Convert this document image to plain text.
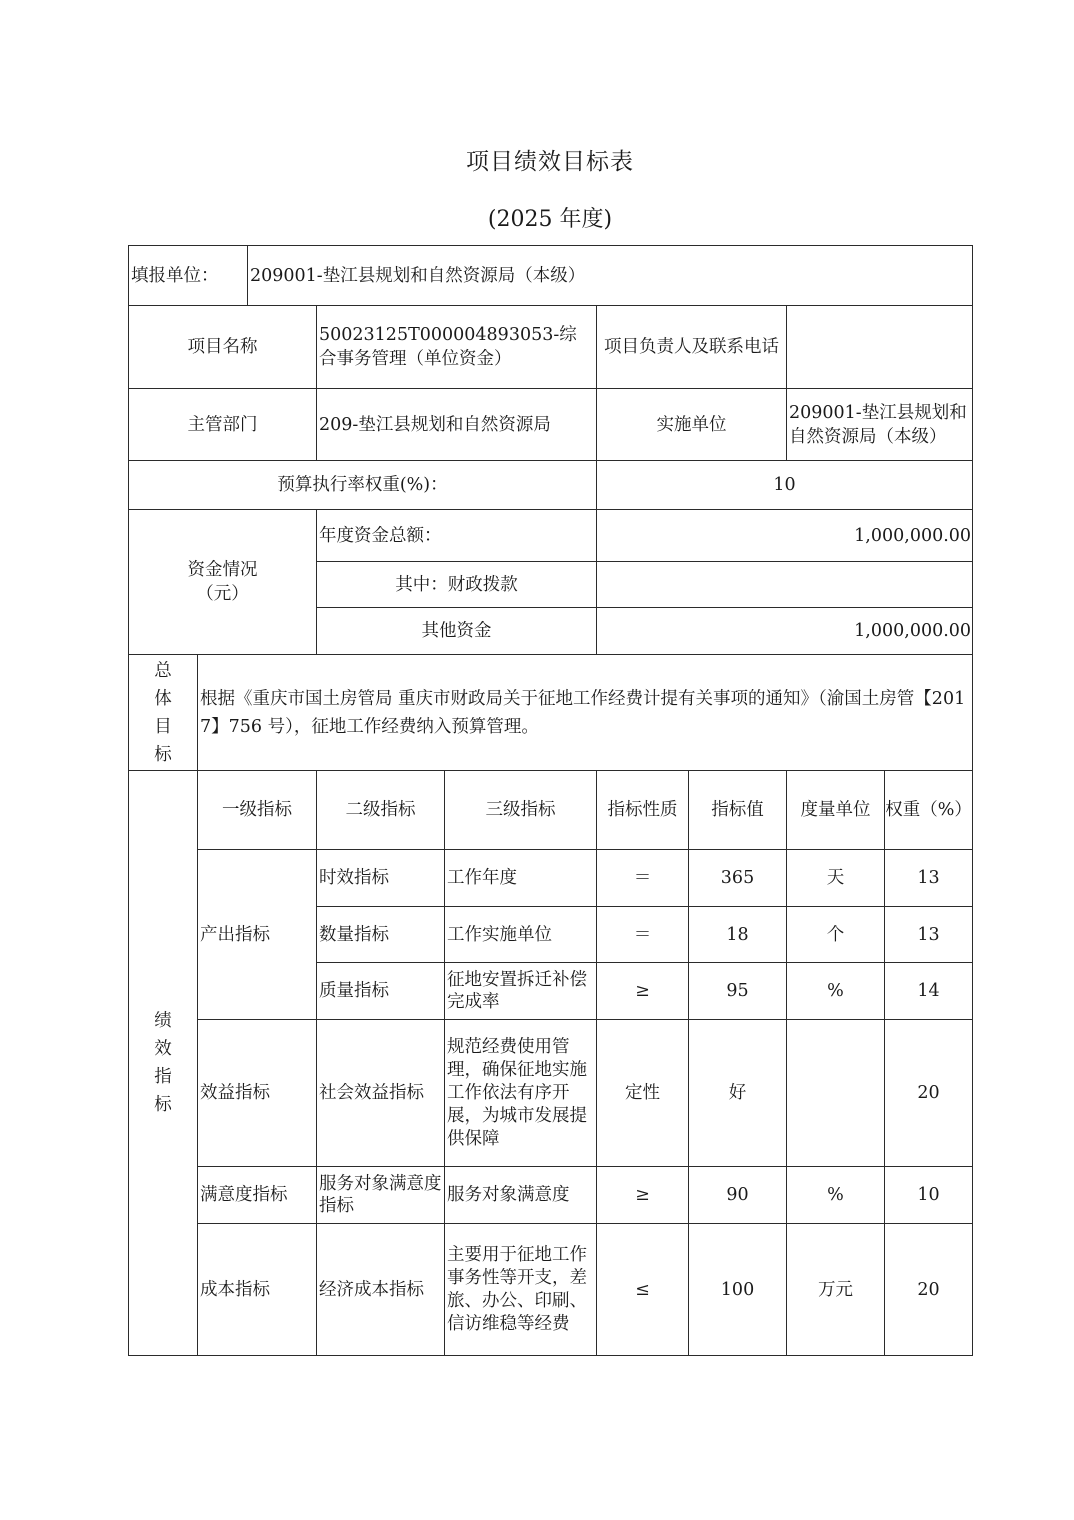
项目绩效目标表
(2025 年度)
填报单位：		209001-垫江县规划和自然资源局（本级）						
项目名称			50023125T000004893053-综合事务管理（单位资金）		项目负责人及联系电话			
主管部门			209-垫江县规划和自然资源局		实施单位		209001-垫江县规划和自然资源局（本级）	
预算执行率权重(%)：					10			

资金情况
（元）			年度资金总额：		1,000,000.00			
			其中：财政拨款					
			其他资金		1,000,000.00			

总
体
目
标	根据《重庆市国土房管局 重庆市财政局关于征地工作经费计提有关事项的通知》（渝国土房管【2017】756 号），征地工作经费纳入预算管理。							

绩
效
指
标	一级指标		二级指标	三级指标	指标性质	指标值	度量单位	权重（%）
	产出指标		时效指标	工作年度	＝	365	天	13
			数量指标	工作实施单位	＝	18	个	13
			质量指标	征地安置拆迁补偿完成率	≥	95	%	14
	效益指标		社会效益指标	规范经费使用管理，确保征地实施工作依法有序开展，为城市发展提供保障	定性	好		20
	满意度指标		服务对象满意度指标	服务对象满意度	≥	90	%	10
	成本指标		经济成本指标	主要用于征地工作事务性等开支，差旅、办公、印刷、信访维稳等经费	≤	100	万元	20
